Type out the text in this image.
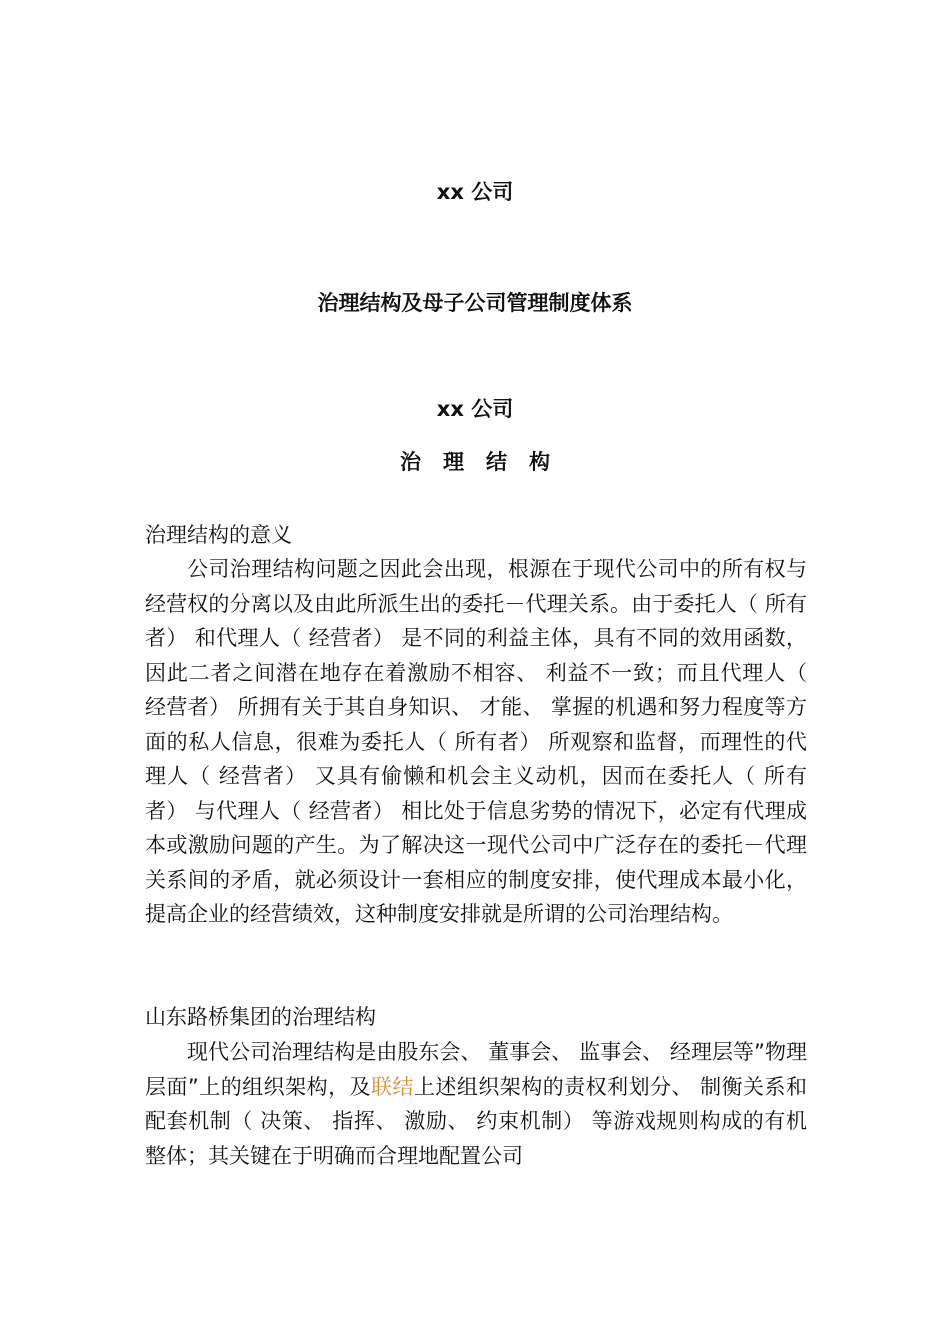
xx 公司
治理结构及母子公司管理制度体系
xx 公司
治理结构
治理结构的意义
公司治理结构问题之因此会出现，根源在于现代公司中的所有权与经营权的分离以及由此所派生出的委托－代理关系。由于委托人（ 所有者） 和代理人（ 经营者） 是不同的利益主体，具有不同的效用函数，因此二者之间潜在地存在着激励不相容、 利益不一致；而且代理人（ 经营者） 所拥有关于其自身知识、 才能、 掌握的机遇和努力程度等方面的私人信息，很难为委托人（ 所有者） 所观察和监督，而理性的代理人（ 经营者） 又具有偷懒和机会主义动机，因而在委托人（ 所有者） 与代理人（ 经营者） 相比处于信息劣势的情况下，必定有代理成本或激励问题的产生。为了解决这一现代公司中广泛存在的委托－代理关系间的矛盾，就必须设计一套相应的制度安排，使代理成本最小化，提高企业的经营绩效，这种制度安排就是所谓的公司治理结构。
山东路桥集团的治理结构
现代公司治理结构是由股东会、 董事会、 监事会、 经理层等”物理层面”上的组织架构，及联结上述组织架构的责权利划分、 制衡关系和配套机制（ 决策、 指挥、 激励、 约束机制） 等游戏规则构成的有机整体；其关键在于明确而合理地配置公司
